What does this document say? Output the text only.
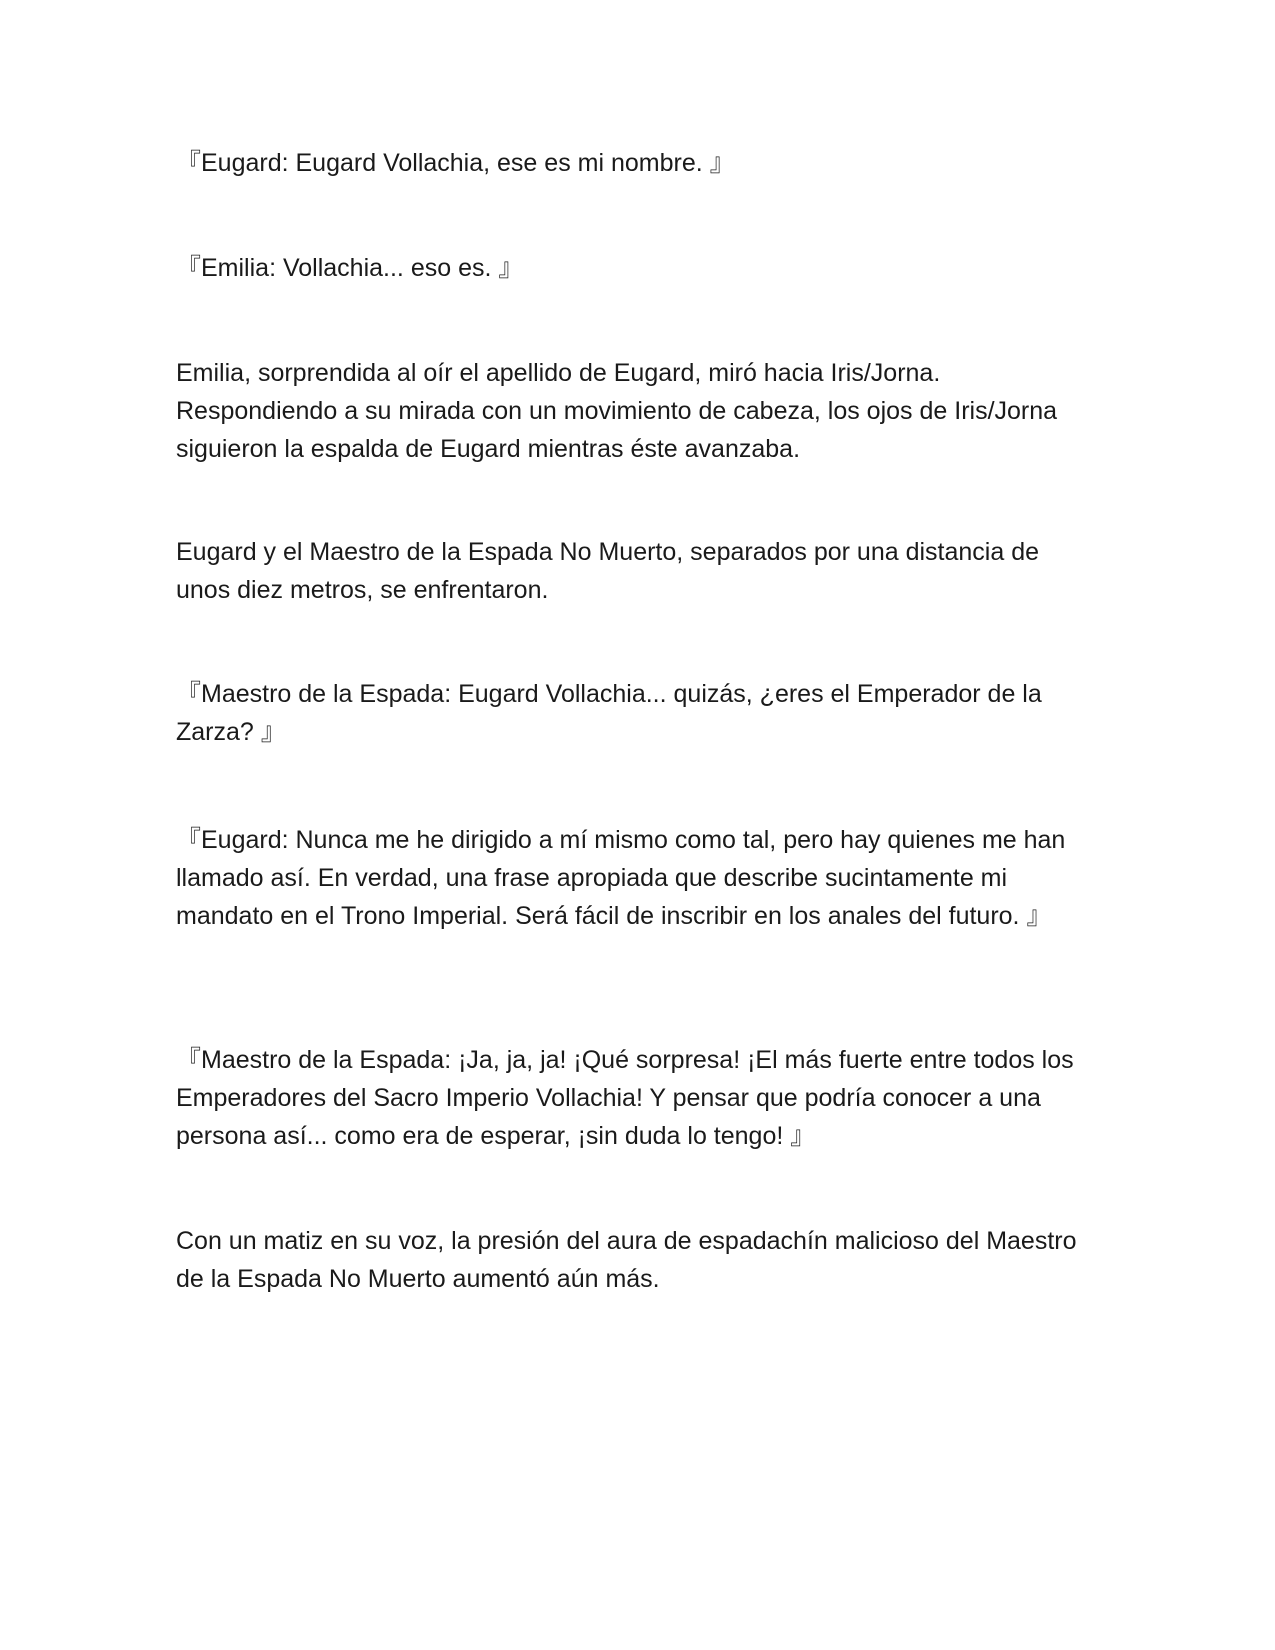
『Eugard: Eugard Vollachia, ese es mi nombre. 』

『Emilia: Vollachia... eso es. 』

Emilia, sorprendida al oír el apellido de Eugard, miró hacia Iris/Jorna. Respondiendo a su mirada con un movimiento de cabeza, los ojos de Iris/Jorna siguieron la espalda de Eugard mientras éste avanzaba.

Eugard y el Maestro de la Espada No Muerto, separados por una distancia de unos diez metros, se enfrentaron.

『Maestro de la Espada: Eugard Vollachia... quizás, ¿eres el Emperador de la Zarza? 』

『Eugard: Nunca me he dirigido a mí mismo como tal, pero hay quienes me han llamado así. En verdad, una frase apropiada que describe sucintamente mi mandato en el Trono Imperial. Será fácil de inscribir en los anales del futuro. 』

『Maestro de la Espada: ¡Ja, ja, ja! ¡Qué sorpresa! ¡El más fuerte entre todos los Emperadores del Sacro Imperio Vollachia! Y pensar que podría conocer a una persona así... como era de esperar, ¡sin duda lo tengo! 』

Con un matiz en su voz, la presión del aura de espadachín malicioso del Maestro de la Espada No Muerto aumentó aún más.
